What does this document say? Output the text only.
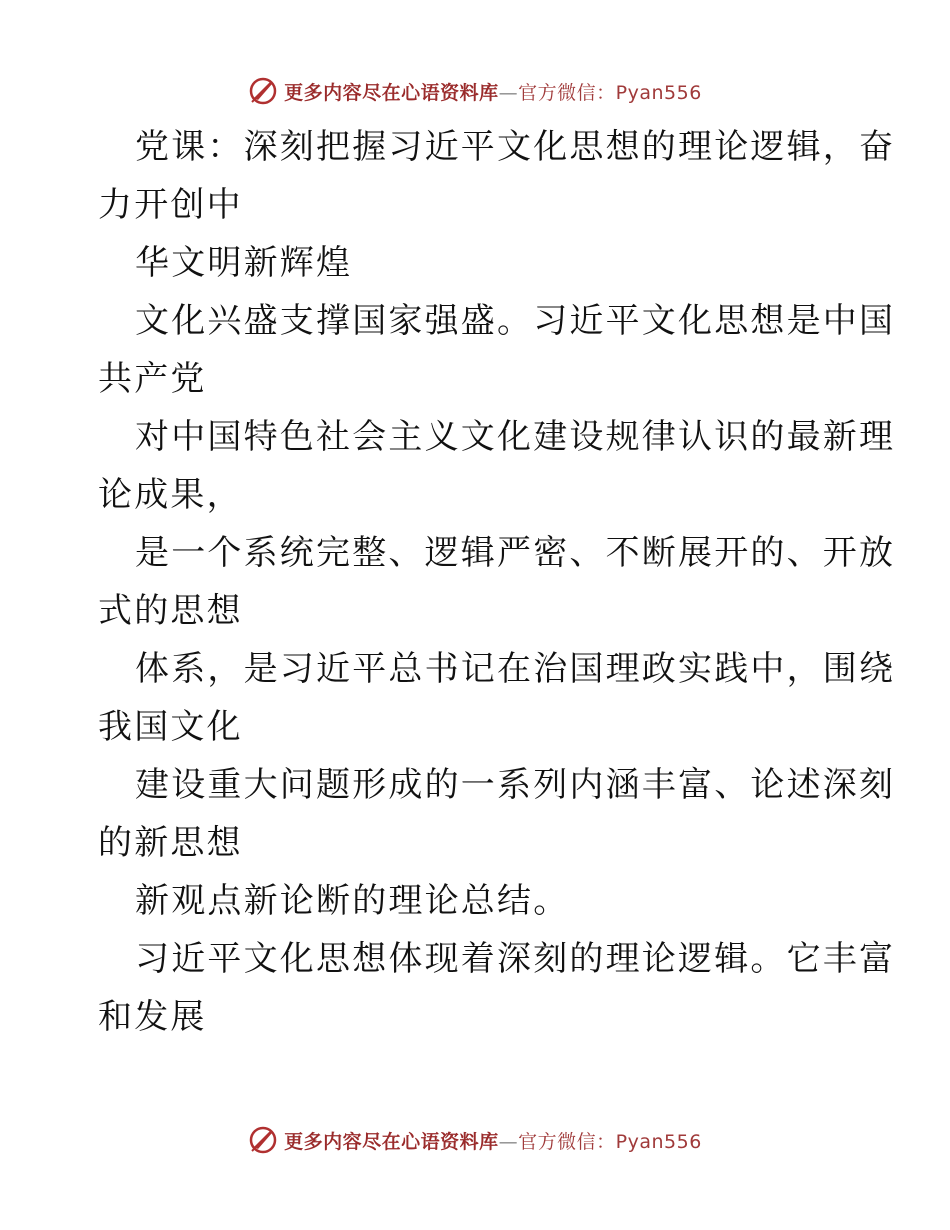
更多内容尽在心语资料库—官方微信：Pyan556
党课：深刻把握习近平文化思想的理论逻辑，奋
力开创中
华文明新辉煌
文化兴盛支撑国家强盛。习近平文化思想是中国
共产党
对中国特色社会主义文化建设规律认识的最新理
论成果，
是一个系统完整、逻辑严密、不断展开的、开放
式的思想
体系，是习近平总书记在治国理政实践中，围绕
我国文化
建设重大问题形成的一系列内涵丰富、论述深刻
的新思想
新观点新论断的理论总结。
习近平文化思想体现着深刻的理论逻辑。它丰富
和发展
更多内容尽在心语资料库—官方微信：Pyan556
